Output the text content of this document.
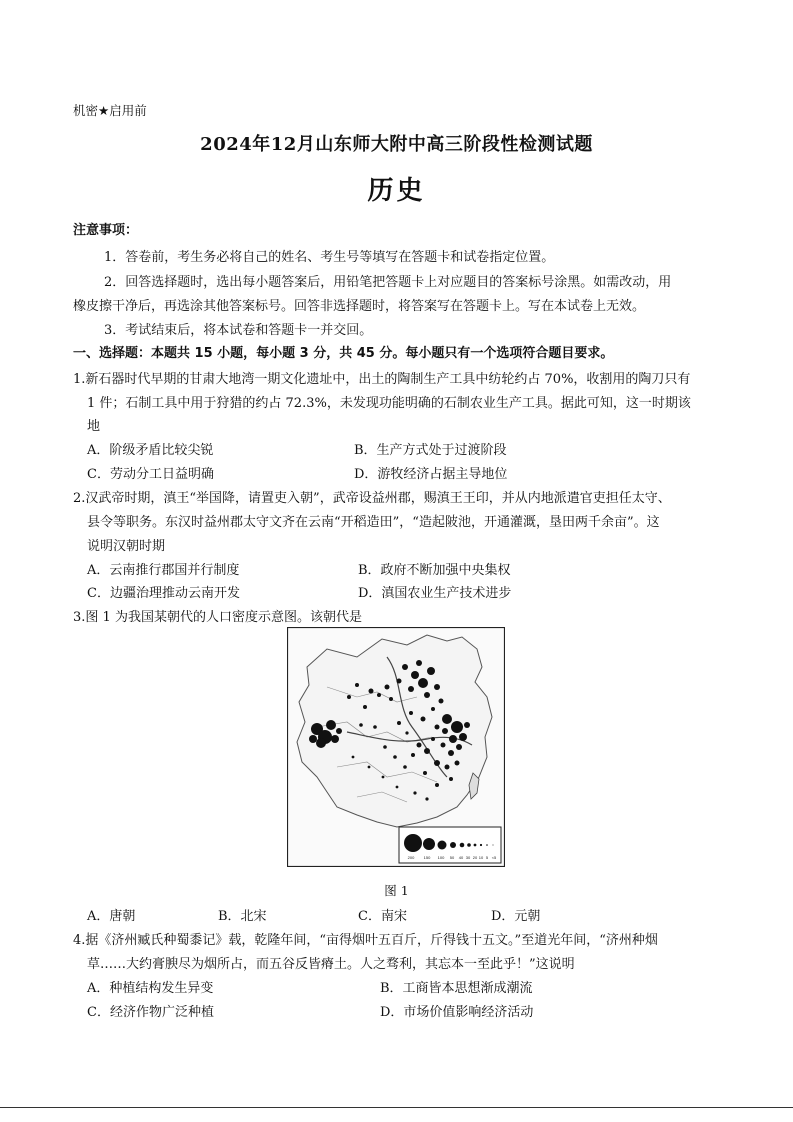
机密★启用前
2024年12月山东师大附中高三阶段性检测试题
历史
注意事项：
1．答卷前，考生务必将自己的姓名、考生号等填写在答题卡和试卷指定位置。
2．回答选择题时，选出每小题答案后，用铅笔把答题卡上对应题目的答案标号涂黑。如需改动，用
橡皮擦干净后，再选涂其他答案标号。回答非选择题时，将答案写在答题卡上。写在本试卷上无效。
3．考试结束后，将本试卷和答题卡一并交回。
一、选择题：本题共 15 小题，每小题 3 分，共 45 分。每小题只有一个选项符合题目要求。
1.新石器时代早期的甘肃大地湾一期文化遗址中，出土的陶制生产工具中纺轮约占 70%，收割用的陶刀只有
1 件；石制工具中用于狩猎的约占 72.3%，未发现功能明确的石制农业生产工具。据此可知，这一时期该
地
A．阶级矛盾比较尖锐	B．生产方式处于过渡阶段
C．劳动分工日益明确	D．游牧经济占据主导地位
2.汉武帝时期，滇王“举国降，请置吏入朝”，武帝设益州郡，赐滇王王印，并从内地派遣官吏担任太守、
县令等职务。东汉时益州郡太守文齐在云南“开稻造田”，“造起陂池，开通灌溉，垦田两千余亩”。这
说明汉朝时期
A．云南推行郡国并行制度	B．政府不断加强中央集权
C．边疆治理推动云南开发	D．滇国农业生产技术进步
3.图 1 为我国某朝代的人口密度示意图。该朝代是
200 150 100 50 40 30 20 10 5 <5
图 1
A．唐朝	B．北宋	C．南宋	D．元朝
4.据《济州臧氏种蜀黍记》载，乾隆年间，“亩得烟叶五百斤，斤得钱十五文。”至道光年间，“济州种烟
草……大约膏腴尽为烟所占，而五谷反皆瘠土。人之骛利，其忘本一至此乎！”这说明
A．种植结构发生异变	B．工商皆本思想渐成潮流
C．经济作物广泛种植	D．市场价值影响经济活动
